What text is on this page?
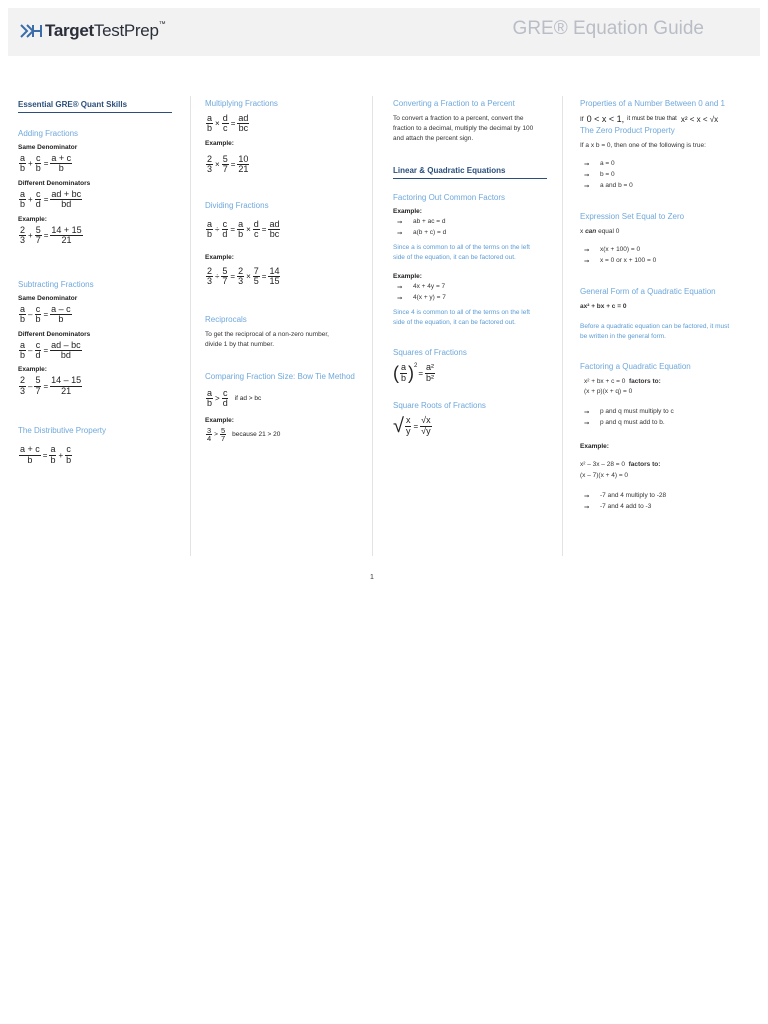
TargetTestPrep™	GRE® Equation Guide
Essential GRE® Quant Skills
Adding Fractions
Same Denominator
$\frac{a}{b} + \frac{c}{b} = \frac{a + c}{b}$
Different Denominators
$\frac{a}{b} + \frac{c}{d} = \frac{ad + bc}{bd}$
Example:
$\frac{2}{3} + \frac{5}{7} = \frac{14 + 15}{21}$
Subtracting Fractions
Same Denominator
$\frac{a}{b} - \frac{c}{b} = \frac{a - c}{b}$
Different Denominators
$\frac{a}{b} - \frac{c}{d} = \frac{ad - bc}{bd}$
Example:
$\frac{2}{3} - \frac{5}{7} = \frac{14 - 15}{21}$
The Distributive Property
$\frac{a + c}{b} = \frac{a}{b} + \frac{c}{b}$
Multiplying Fractions
$\frac{a}{b} \times \frac{d}{c} = \frac{ad}{bc}$
Example:
$\frac{2}{3} \times \frac{5}{7} = \frac{10}{21}$
Dividing Fractions
$\frac{a}{b} \div \frac{c}{d} = \frac{a}{b} \times \frac{d}{c} = \frac{ad}{bc}$
Example:
$\frac{2}{3} \div \frac{5}{7} = \frac{2}{3} \times \frac{7}{5} = \frac{14}{15}$
Reciprocals
To get the reciprocal of a non-zero number, divide 1 by that number.
Comparing Fraction Size: Bow Tie Method
$\frac{a}{b} > \frac{c}{d}$ if ad > bc
Example:
$\frac{3}{4} > \frac{5}{7}$ because 21 > 20
Converting a Fraction to a Percent
To convert a fraction to a percent, convert the fraction to a decimal, multiply the decimal by 100 and attach the percent sign.
Linear & Quadratic Equations
Factoring Out Common Factors
Example:
➞	ab + ac = d
➞	a(b + c) = d
Since a is common to all of the terms on the left side of the equation, it can be factored out.
Example:
➞	4x + 4y = 7
➞	4(x + y) = 7
Since 4 is common to all of the terms on the left side of the equation, it can be factored out.
Squares of Fractions
( $\frac{a}{b}$ ) 2
= $\frac{\text{a²}}{\text{b²}}$
Square Roots of Fractions
√ $\frac{x}{y} = \frac{√x}{√y}$
Properties of a Number Between 0 and 1
If 0 < x < 1, it must be true that x² < x < √x
The Zero Product Property
If a x b = 0, then one of the following is true:
➞	a = 0
➞	b = 0
➞	a and b = 0
Expression Set Equal to Zero
x can equal 0
➞	x(x + 100) = 0
➞	x = 0 or x + 100 = 0
General Form of a Quadratic Equation
ax² + bx + c = 0
Before a quadratic equation can be factored, it must be written in the general form.
Factoring a Quadratic Equation
x² + bx + c = 0 factors to:
(x + p)(x + q) = 0
➞	p and q must multiply to c
➞	p and q must add to b.
Example:
x² – 3x – 28 = 0 factors to:
(x – 7)(x + 4) = 0
➞	-7 and 4 multiply to -28
➞	-7 and 4 add to -3
1
